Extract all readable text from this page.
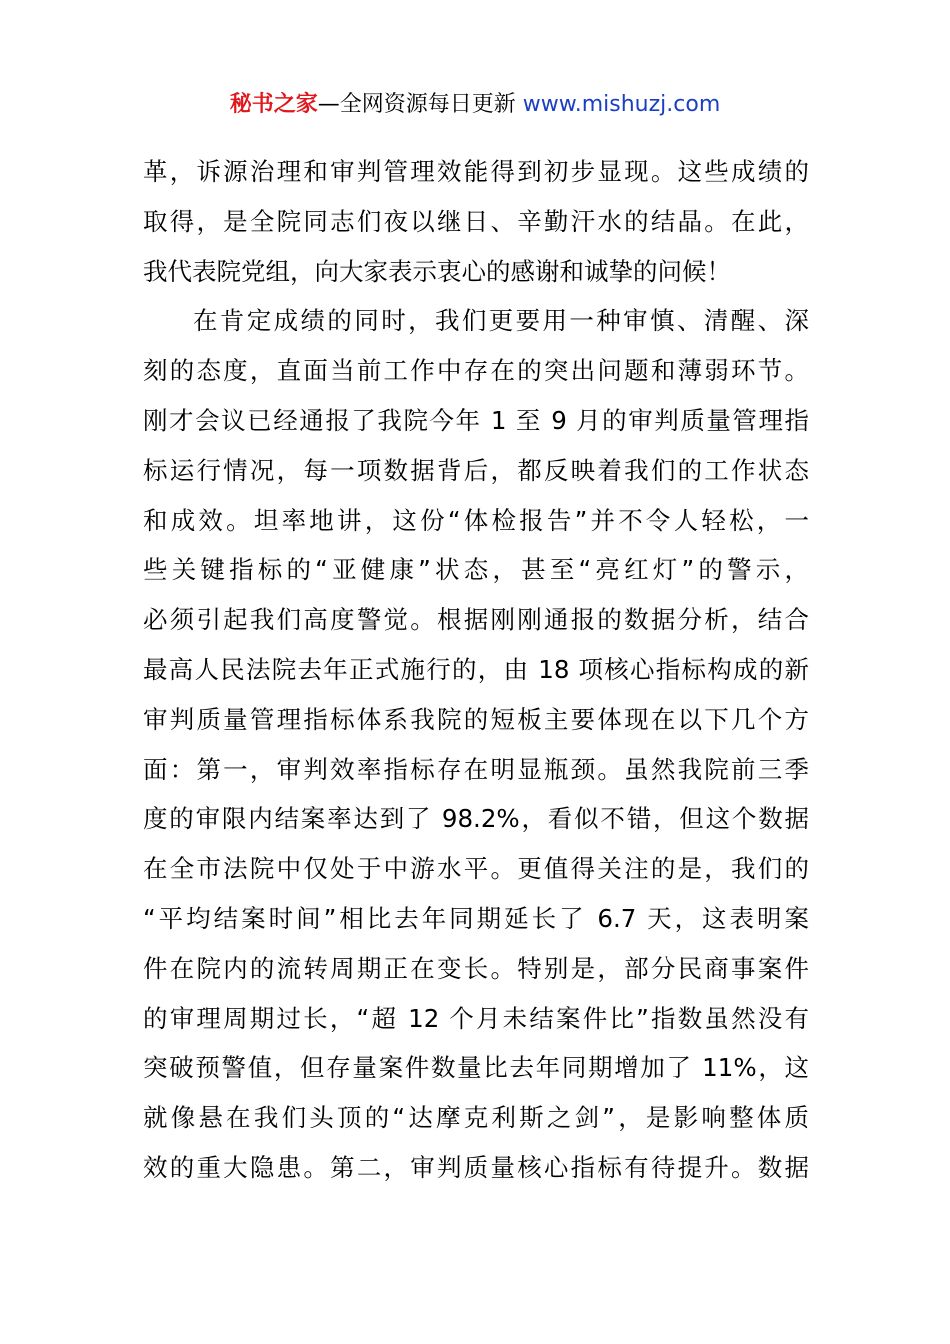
秘书之家—全网资源每日更新 www.mishuzj.com
革，诉源治理和审判管理效能得到初步显现。这些成绩的
取得，是全院同志们夜以继日、辛勤汗水的结晶。在此，
我代表院党组，向大家表示衷心的感谢和诚挚的问候！
在肯定成绩的同时，我们更要用一种审慎、清醒、深
刻的态度，直面当前工作中存在的突出问题和薄弱环节。
刚才会议已经通报了我院今年 1 至 9 月的审判质量管理指
标运行情况，每一项数据背后，都反映着我们的工作状态
和成效。坦率地讲，这份“体检报告”并不令人轻松，一
些关键指标的“亚健康”状态，甚至“亮红灯”的警示，
必须引起我们高度警觉。根据刚刚通报的数据分析，结合
最高人民法院去年正式施行的，由 18 项核心指标构成的新
审判质量管理指标体系我院的短板主要体现在以下几个方
面：第一，审判效率指标存在明显瓶颈。虽然我院前三季
度的审限内结案率达到了 98.2%，看似不错，但这个数据
在全市法院中仅处于中游水平。更值得关注的是，我们的
“平均结案时间”相比去年同期延长了 6.7 天，这表明案
件在院内的流转周期正在变长。特别是，部分民商事案件
的审理周期过长，“超 12 个月未结案件比”指数虽然没有
突破预警值，但存量案件数量比去年同期增加了 11%，这
就像悬在我们头顶的“达摩克利斯之剑”，是影响整体质
效的重大隐患。第二，审判质量核心指标有待提升。数据
